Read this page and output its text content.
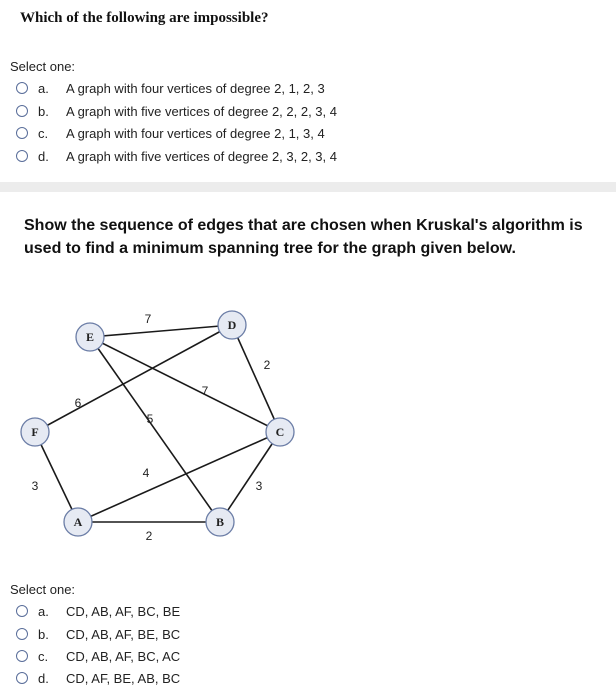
Which of the following are impossible?
Select one:
a.	A graph with four vertices of degree 2, 1, 2, 3
b.	A graph with five vertices of degree 2, 2, 2, 3, 4
c.	A graph with four vertices of degree 2, 1, 3, 4
d.	A graph with five vertices of degree 2, 3, 2, 3, 4
Show the sequence of edges that are chosen when Kruskal's algorithm is used to find a minimum spanning tree for the graph given below.
7
5
7
2
6
3
4
2
3
A	B
C
D
E
F
Select one:
a.	CD, AB, AF, BC, BE
b.	CD, AB, AF, BE, BC
c.	CD, AB, AF, BC, AC
d.	CD, AF, BE, AB, BC
